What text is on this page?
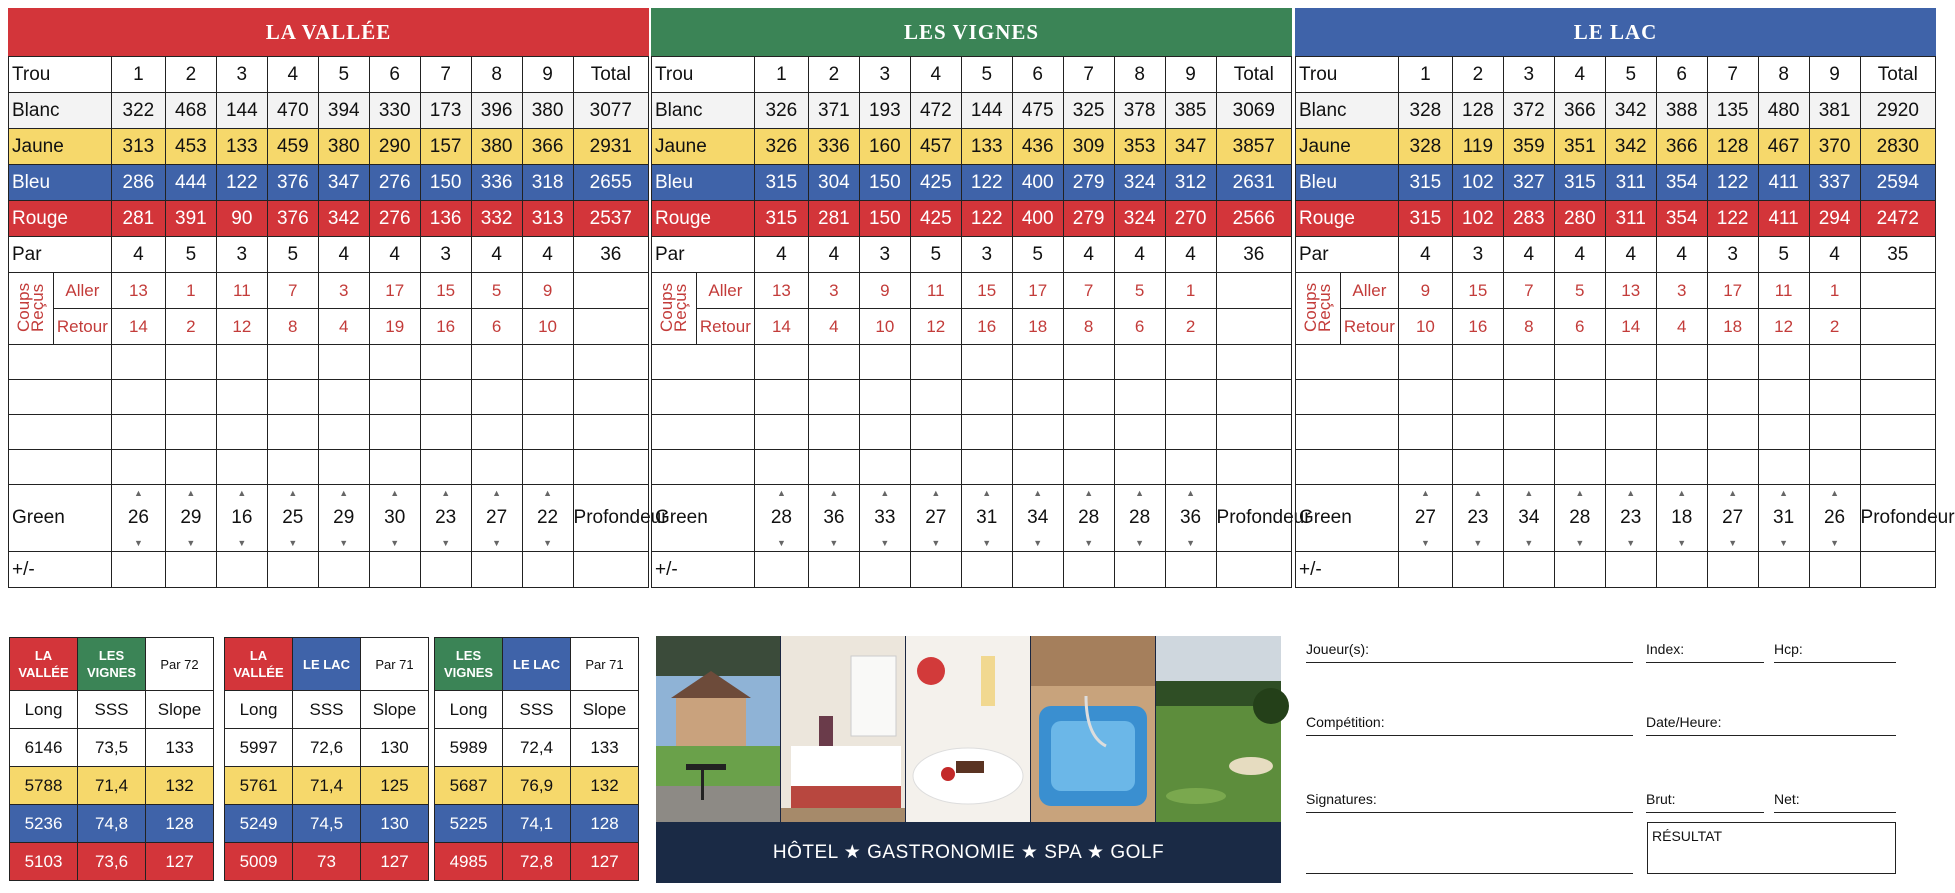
LA VALLÉE
Trou		1	2	3	4	5	6	7	8	9	Total
Blanc		322	468	144	470	394	330	173	396	380	3077
Jaune		313	453	133	459	380	290	157	380	366	2931
Bleu		286	444	122	376	347	276	150	336	318	2655
Rouge		281	391	90	376	342	276	136	332	313	2537
Par		4	5	3	5	4	4	3	4	4	36
Coups Reçus	Aller	13	1	11	7	3	17	15	5	9	
	Retour	14	2	12	8	4	19	16	6	10	

		▲	▲	▲	▲	▲	▲	▲	▲	▲	
Green		26	29	16	25	29	30	23	27	22	Profondeur
		▼	▼	▼	▼	▼	▼	▼	▼	▼	
+/-											
LES VIGNES
Trou		1	2	3	4	5	6	7	8	9	Total
Blanc		326	371	193	472	144	475	325	378	385	3069
Jaune		326	336	160	457	133	436	309	353	347	3857
Bleu		315	304	150	425	122	400	279	324	312	2631
Rouge		315	281	150	425	122	400	279	324	270	2566
Par		4	4	3	5	3	5	4	4	4	36
Coups Reçus	Aller	13	3	9	11	15	17	7	5	1	
	Retour	14	4	10	12	16	18	8	6	2	

		▲	▲	▲	▲	▲	▲	▲	▲	▲	
Green		28	36	33	27	31	34	28	28	36	Profondeur
		▼	▼	▼	▼	▼	▼	▼	▼	▼	
+/-											
LE LAC
Trou		1	2	3	4	5	6	7	8	9	Total
Blanc		328	128	372	366	342	388	135	480	381	2920
Jaune		328	119	359	351	342	366	128	467	370	2830
Bleu		315	102	327	315	311	354	122	411	337	2594
Rouge		315	102	283	280	311	354	122	411	294	2472
Par		4	3	4	4	4	4	3	5	4	35
Coups Reçus	Aller	9	15	7	5	13	3	17	11	1	
	Retour	10	16	8	6	14	4	18	12	2	

		▲	▲	▲	▲	▲	▲	▲	▲	▲	
Green		27	23	34	28	23	18	27	31	26	Profondeur
		▼	▼	▼	▼	▼	▼	▼	▼	▼	
+/-											
LA VALLÉE	LES VIGNES	Par 72
Long	SSS	Slope
6146	73,5	133
5788	71,4	132
5236	74,8	128
5103	73,6	127
LA VALLÉE	LE LAC	Par 71
Long	SSS	Slope
5997	72,6	130
5761	71,4	125
5249	74,5	130
5009	73	127
LES VIGNES	LE LAC	Par 71
Long	SSS	Slope
5989	72,4	133
5687	76,9	132
5225	74,1	128
4985	72,8	127	HÔTEL ★ GASTRONOMIE ★ SPA ★ GOLF
Joueur(s):	Index:	Hcp:
Compétition:	Date/Heure:
Signatures:	Brut:	Net:
RÉSULTAT
